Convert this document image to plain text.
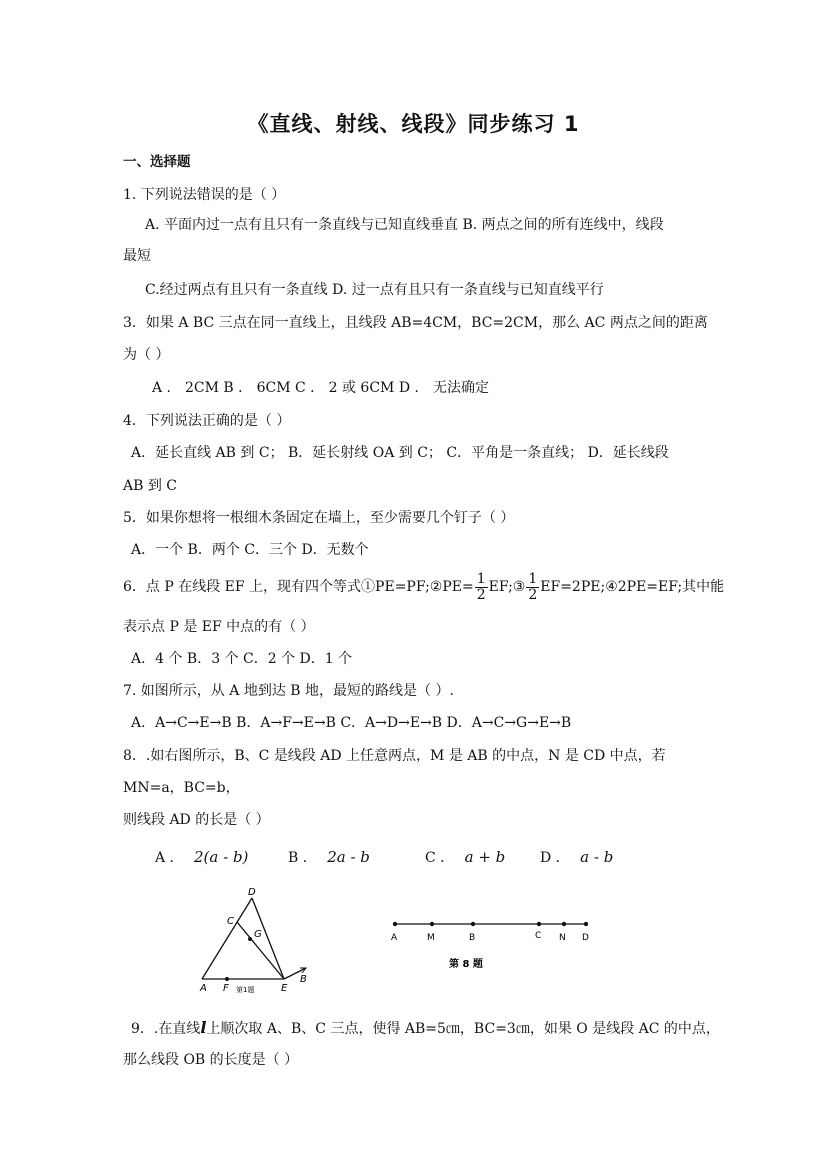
《直线、射线、线段》同步练习 1
一、选择题
1. 下列说法错误的是（ ）
A. 平面内过一点有且只有一条直线与已知直线垂直 B. 两点之间的所有连线中，线段
最短
C.经过两点有且只有一条直线 D. 过一点有且只有一条直线与已知直线平行
3．如果 A BC 三点在同一直线上，且线段 AB=4CM，BC=2CM，那么 AC 两点之间的距离
为（ ）
A ． 2CM B ． 6CM C ． 2 或 6CM D ． 无法确定
4．下列说法正确的是（ ）
A．延长直线 AB 到 C； B．延长射线 OA 到 C； C．平角是一条直线； D．延长线段
AB 到 C
5．如果你想将一根细木条固定在墙上，至少需要几个钉子（ ）
A．一个 B．两个 C．三个 D．无数个
6．点 P 在线段 EF 上，现有四个等式①PE=PF;②PE= $\frac{1}{2}$ EF;③ $\frac{1}{2}$ EF=2PE;④2PE=EF;其中能
表示点 P 是 EF 中点的有（ ）
A．4 个 B．3 个 C．2 个 D．1 个
7. 如图所示，从 A 地到达 B 地，最短的路线是（ ）.
A．A→C→E→B B．A→F→E→B C．A→D→E→B D．A→C→G→E→B
8．.如右图所示，B、C 是线段 AD 上任意两点，M 是 AB 的中点，N 是 CD 中点，若
MN=a，BC=b，
则线段 AD 的长是（ ）
A ． 2(a - b)	B ． 2a - b	C ． a + b D ． a - b
D
C
G
A F	E
B
第1题
A	M	B	C N D
第 8 题
9．.在直线l上顺次取 A、B、C 三点，使得 AB=5㎝，BC=3㎝，如果 O 是线段 AC 的中点，
那么线段 OB 的长度是（ ）
